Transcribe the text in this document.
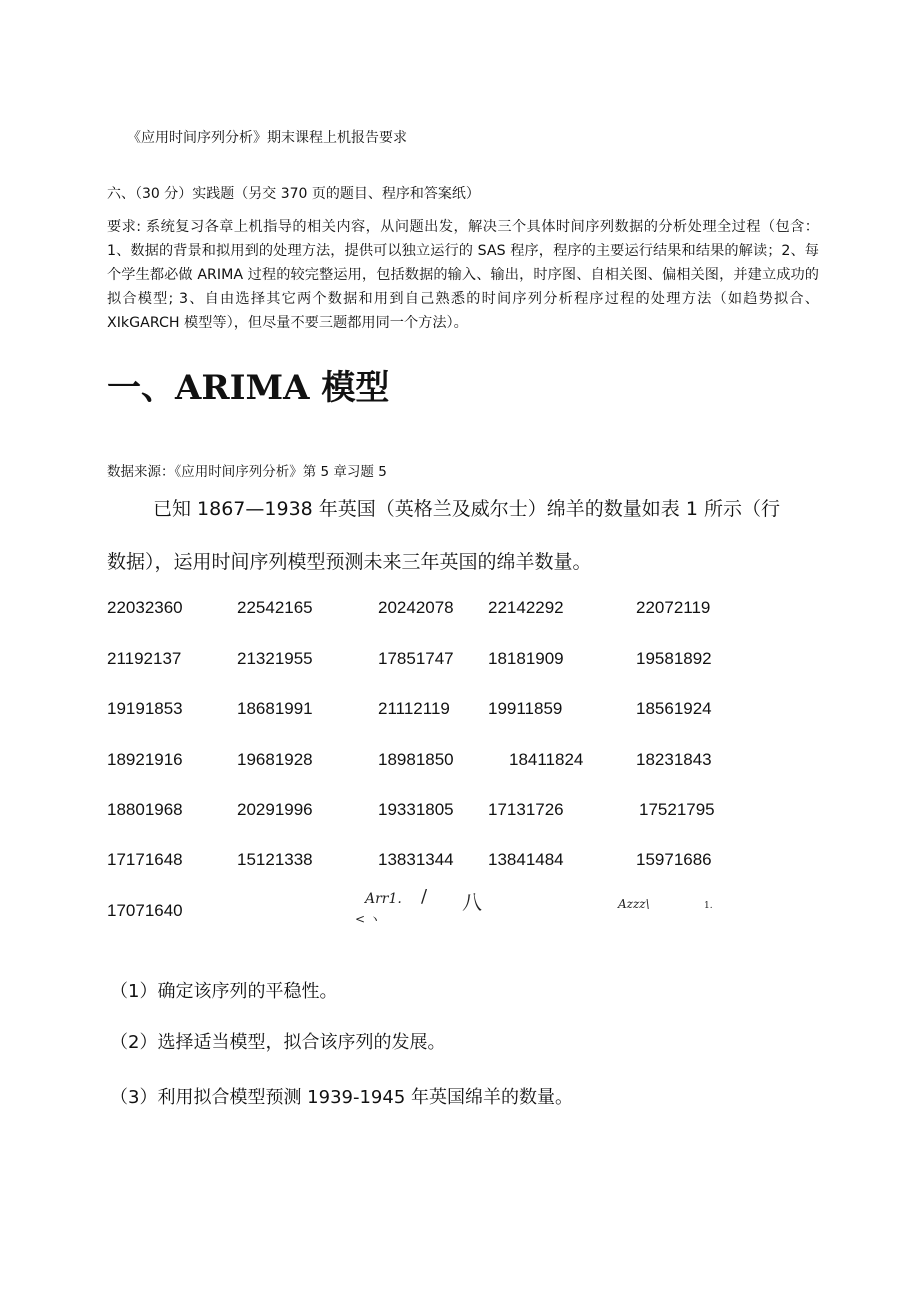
《应用时间序列分析》期末课程上机报告要求
六、（30 分）实践题（另交 370 页的题目、程序和答案纸）
要求: 系统复习各章上机指导的相关内容，从问题出发，解决三个具体时间序列数据的分析处理全过程（包含：1、数据的背景和拟用到的处理方法，提供可以独立运行的 SAS 程序，程序的主要运行结果和结果的解读；2、每个学生都必做 ARIMA 过程的较完整运用，包括数据的输入、输出，时序图、自相关图、偏相关图，并建立成功的拟合模型; 3、自由选择其它两个数据和用到自己熟悉的时间序列分析程序过程的处理方法（如趋势拟合、XIkGARCH 模型等），但尽量不要三题都用同一个方法）。
一、ARIMA 模型
数据来源：《应用时间序列分析》第 5 章习题 5
已知 1867—1938 年英国（英格兰及威尔士）绵羊的数量如表 1 所示（行
数据），运用时间序列模型预测未来三年英国的绵羊数量。
22032360	22542165	20242078 22142292	22072119
21192137	21321955	17851747 18181909	19581892
19191853	18681991	21112119 19911859	18561924
18921916	19681928	18981850	18411824	18231843
18801968	20291996	19331805 17131726	17521795
17171648	15121338	13831344 13841484	15971686
17071640
Arr1. / 八	Azzz\	1.
< ヽ
（1）确定该序列的平稳性。
（2）选择适当模型，拟合该序列的发展。
（3）利用拟合模型预测 1939-1945 年英国绵羊的数量。
